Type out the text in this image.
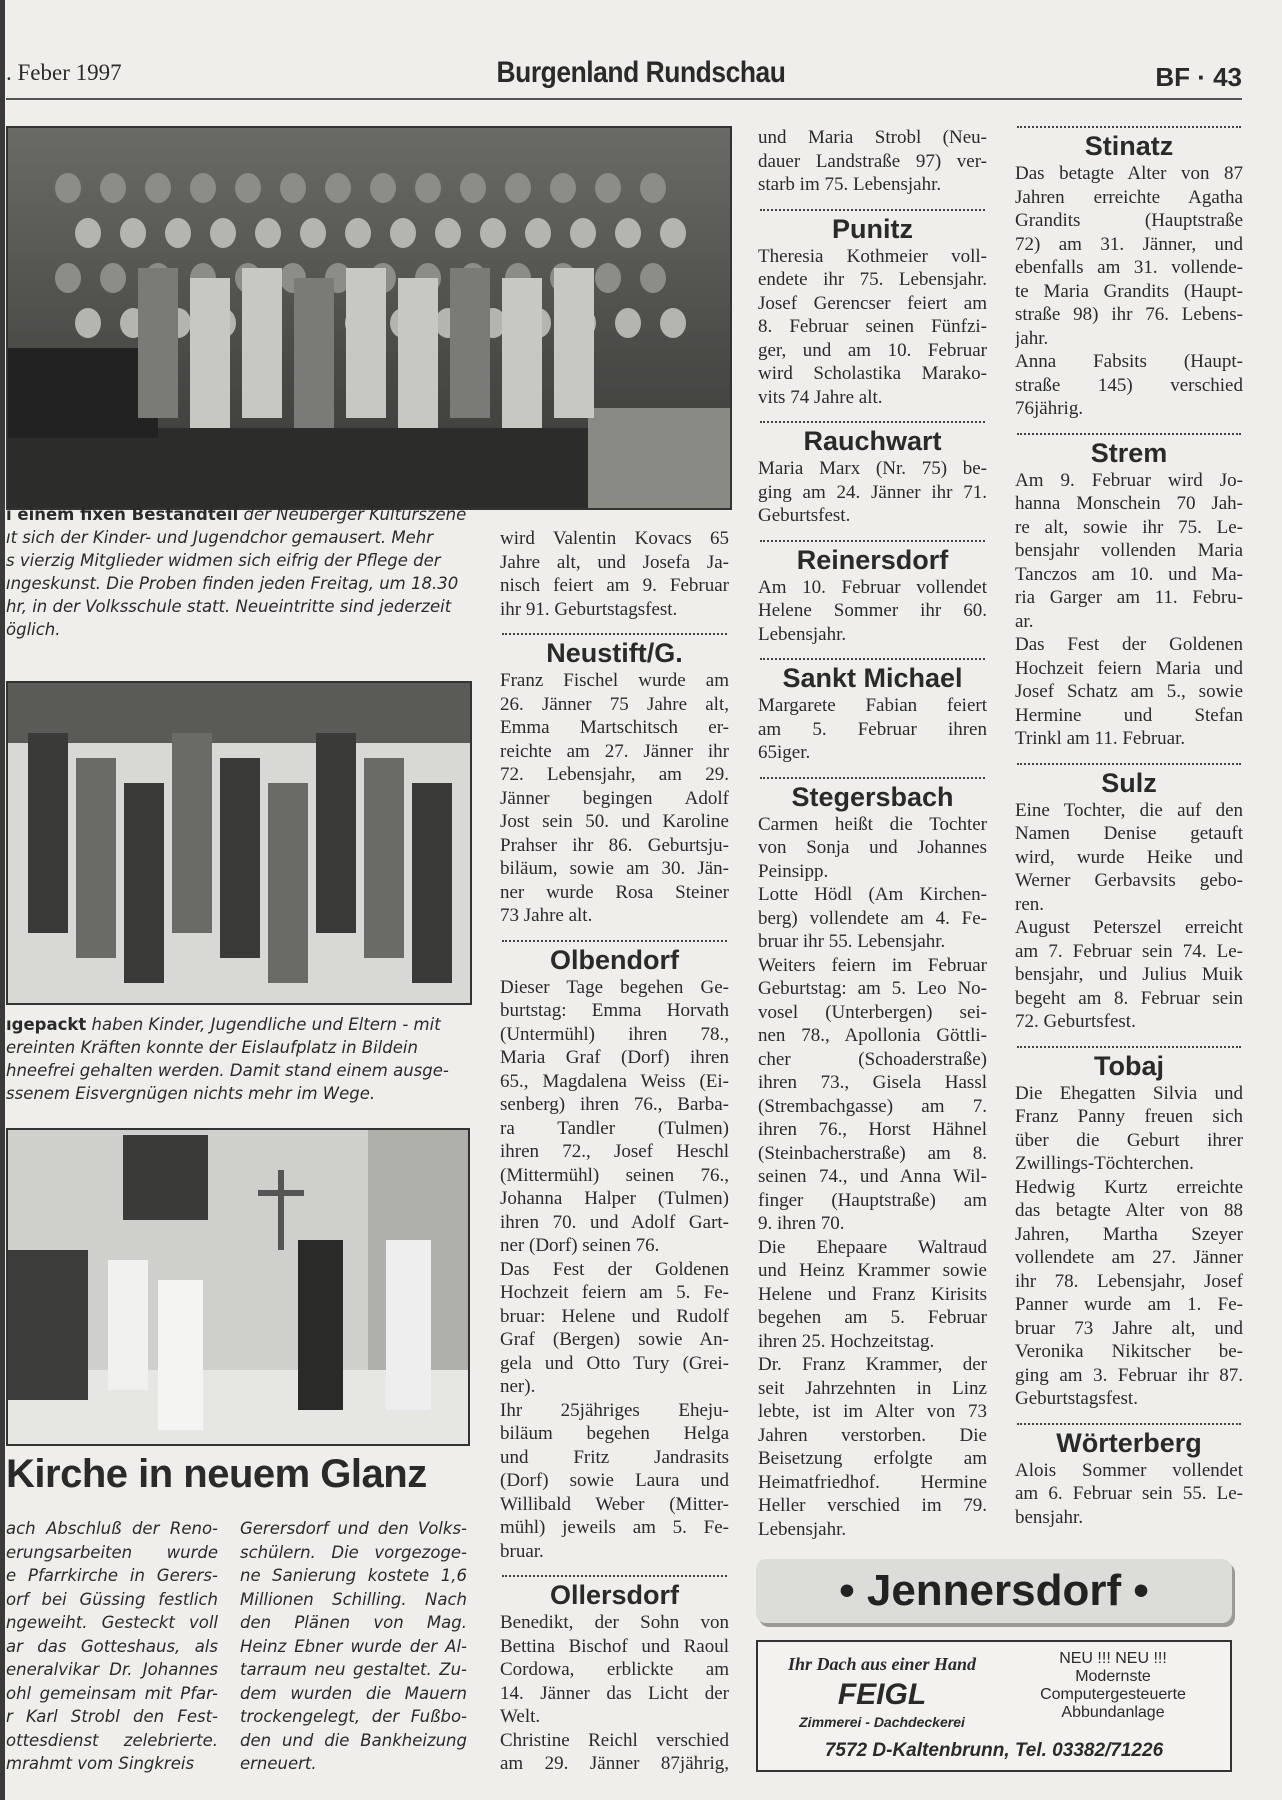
. Feber 1997	Burgenland Rundschau	BF · 43
ı einem fixen Bestandteil der Neuberger Kulturszene
ıt sich der Kinder- und Jugendchor gemausert. Mehr
s vierzig Mitglieder widmen sich eifrig der Pflege der
ıngeskunst. Die Proben finden jeden Freitag, um 18.30
hr, in der Volksschule statt. Neueintritte sind jederzeit
öglich.
ıgepackt haben Kinder, Jugendliche und Eltern - mit
ereinten Kräften konnte der Eislaufplatz in Bildein
hneefrei gehalten werden. Damit stand einem ausge-
ssenem Eisvergnügen nichts mehr im Wege.
Kirche in neuem Glanz
ach Abschluß der Reno-
erungsarbeiten wurde
e Pfarrkirche in Gerers-
orf bei Güssing festlich
ngeweiht. Gesteckt voll
ar das Gotteshaus, als
eneralvikar Dr. Johannes
ohl gemeinsam mit Pfar-
r Karl Strobl den Fest-
ottesdienst zelebrierte.
mrahmt vom Singkreis
Gerersdorf und den Volks-
schülern. Die vorgezoge-
ne Sanierung kostete 1,6
Millionen Schilling. Nach
den Plänen von Mag.
Heinz Ebner wurde der Al-
tarraum neu gestaltet. Zu-
dem wurden die Mauern
trockengelegt, der Fußbo-
den und die Bankheizung
erneuert.
wird Valentin Kovacs 65
Jahre alt, und Josefa Ja-
nisch feiert am 9. Februar
ihr 91. Geburtstagsfest.
Neustift/G.
Franz Fischel wurde am
26. Jänner 75 Jahre alt,
Emma Martschitsch er-
reichte am 27. Jänner ihr
72. Lebensjahr, am 29.
Jänner begingen Adolf
Jost sein 50. und Karoline
Prahser ihr 86. Geburtsju-
biläum, sowie am 30. Jän-
ner wurde Rosa Steiner
73 Jahre alt.
Olbendorf
Dieser Tage begehen Ge-
burtstag: Emma Horvath
(Untermühl) ihren 78.,
Maria Graf (Dorf) ihren
65., Magdalena Weiss (Ei-
senberg) ihren 76., Barba-
ra Tandler (Tulmen)
ihren 72., Josef Heschl
(Mittermühl) seinen 76.,
Johanna Halper (Tulmen)
ihren 70. und Adolf Gart-
ner (Dorf) seinen 76.
Das Fest der Goldenen
Hochzeit feiern am 5. Fe-
bruar: Helene und Rudolf
Graf (Bergen) sowie An-
gela und Otto Tury (Grei-
ner).
Ihr 25jähriges Eheju-
biläum begehen Helga
und Fritz Jandrasits
(Dorf) sowie Laura und
Willibald Weber (Mitter-
mühl) jeweils am 5. Fe-
bruar.
Ollersdorf
Benedikt, der Sohn von
Bettina Bischof und Raoul
Cordowa, erblickte am
14. Jänner das Licht der
Welt.
Christine Reichl verschied
am 29. Jänner 87jährig,
und Maria Strobl (Neu-
dauer Landstraße 97) ver-
starb im 75. Lebensjahr.
Punitz
Theresia Kothmeier voll-
endete ihr 75. Lebensjahr.
Josef Gerencser feiert am
8. Februar seinen Fünfzi-
ger, und am 10. Februar
wird Scholastika Marako-
vits 74 Jahre alt.
Rauchwart
Maria Marx (Nr. 75) be-
ging am 24. Jänner ihr 71.
Geburtsfest.
Reinersdorf
Am 10. Februar vollendet
Helene Sommer ihr 60.
Lebensjahr.
Sankt Michael
Margarete Fabian feiert
am 5. Februar ihren
65iger.
Stegersbach
Carmen heißt die Tochter
von Sonja und Johannes
Peinsipp.
Lotte Hödl (Am Kirchen-
berg) vollendete am 4. Fe-
bruar ihr 55. Lebensjahr.
Weiters feiern im Februar
Geburtstag: am 5. Leo No-
vosel (Unterbergen) sei-
nen 78., Apollonia Göttli-
cher (Schoaderstraße)
ihren 73., Gisela Hassl
(Strembachgasse) am 7.
ihren 76., Horst Hähnel
(Steinbacherstraße) am 8.
seinen 74., und Anna Wil-
finger (Hauptstraße) am
9. ihren 70.
Die Ehepaare Waltraud
und Heinz Krammer sowie
Helene und Franz Kirisits
begehen am 5. Februar
ihren 25. Hochzeitstag.
Dr. Franz Krammer, der
seit Jahrzehnten in Linz
lebte, ist im Alter von 73
Jahren verstorben. Die
Beisetzung erfolgte am
Heimatfriedhof. Hermine
Heller verschied im 79.
Lebensjahr.
Stinatz
Das betagte Alter von 87
Jahren erreichte Agatha
Grandits (Hauptstraße
72) am 31. Jänner, und
ebenfalls am 31. vollende-
te Maria Grandits (Haupt-
straße 98) ihr 76. Lebens-
jahr.
Anna Fabsits (Haupt-
straße 145) verschied
76jährig.
Strem
Am 9. Februar wird Jo-
hanna Monschein 70 Jah-
re alt, sowie ihr 75. Le-
bensjahr vollenden Maria
Tanczos am 10. und Ma-
ria Garger am 11. Febru-
ar.
Das Fest der Goldenen
Hochzeit feiern Maria und
Josef Schatz am 5., sowie
Hermine und Stefan
Trinkl am 11. Februar.
Sulz
Eine Tochter, die auf den
Namen Denise getauft
wird, wurde Heike und
Werner Gerbavsits gebo-
ren.
August Peterszel erreicht
am 7. Februar sein 74. Le-
bensjahr, und Julius Muik
begeht am 8. Februar sein
72. Geburtsfest.
Tobaj
Die Ehegatten Silvia und
Franz Panny freuen sich
über die Geburt ihrer
Zwillings-Töchterchen.
Hedwig Kurtz erreichte
das betagte Alter von 88
Jahren, Martha Szeyer
vollendete am 27. Jänner
ihr 78. Lebensjahr, Josef
Panner wurde am 1. Fe-
bruar 73 Jahre alt, und
Veronika Nikitscher be-
ging am 3. Februar ihr 87.
Geburtstagsfest.
Wörterberg
Alois Sommer vollendet
am 6. Februar sein 55. Le-
bensjahr.
• Jennersdorf •
Ihr Dach aus einer Hand
FEIGL
Zimmerei - Dachdeckerei
NEU !!! NEU !!!
Modernste
Computergesteuerte
Abbundanlage
7572 D-Kaltenbrunn, Tel. 03382/71226
